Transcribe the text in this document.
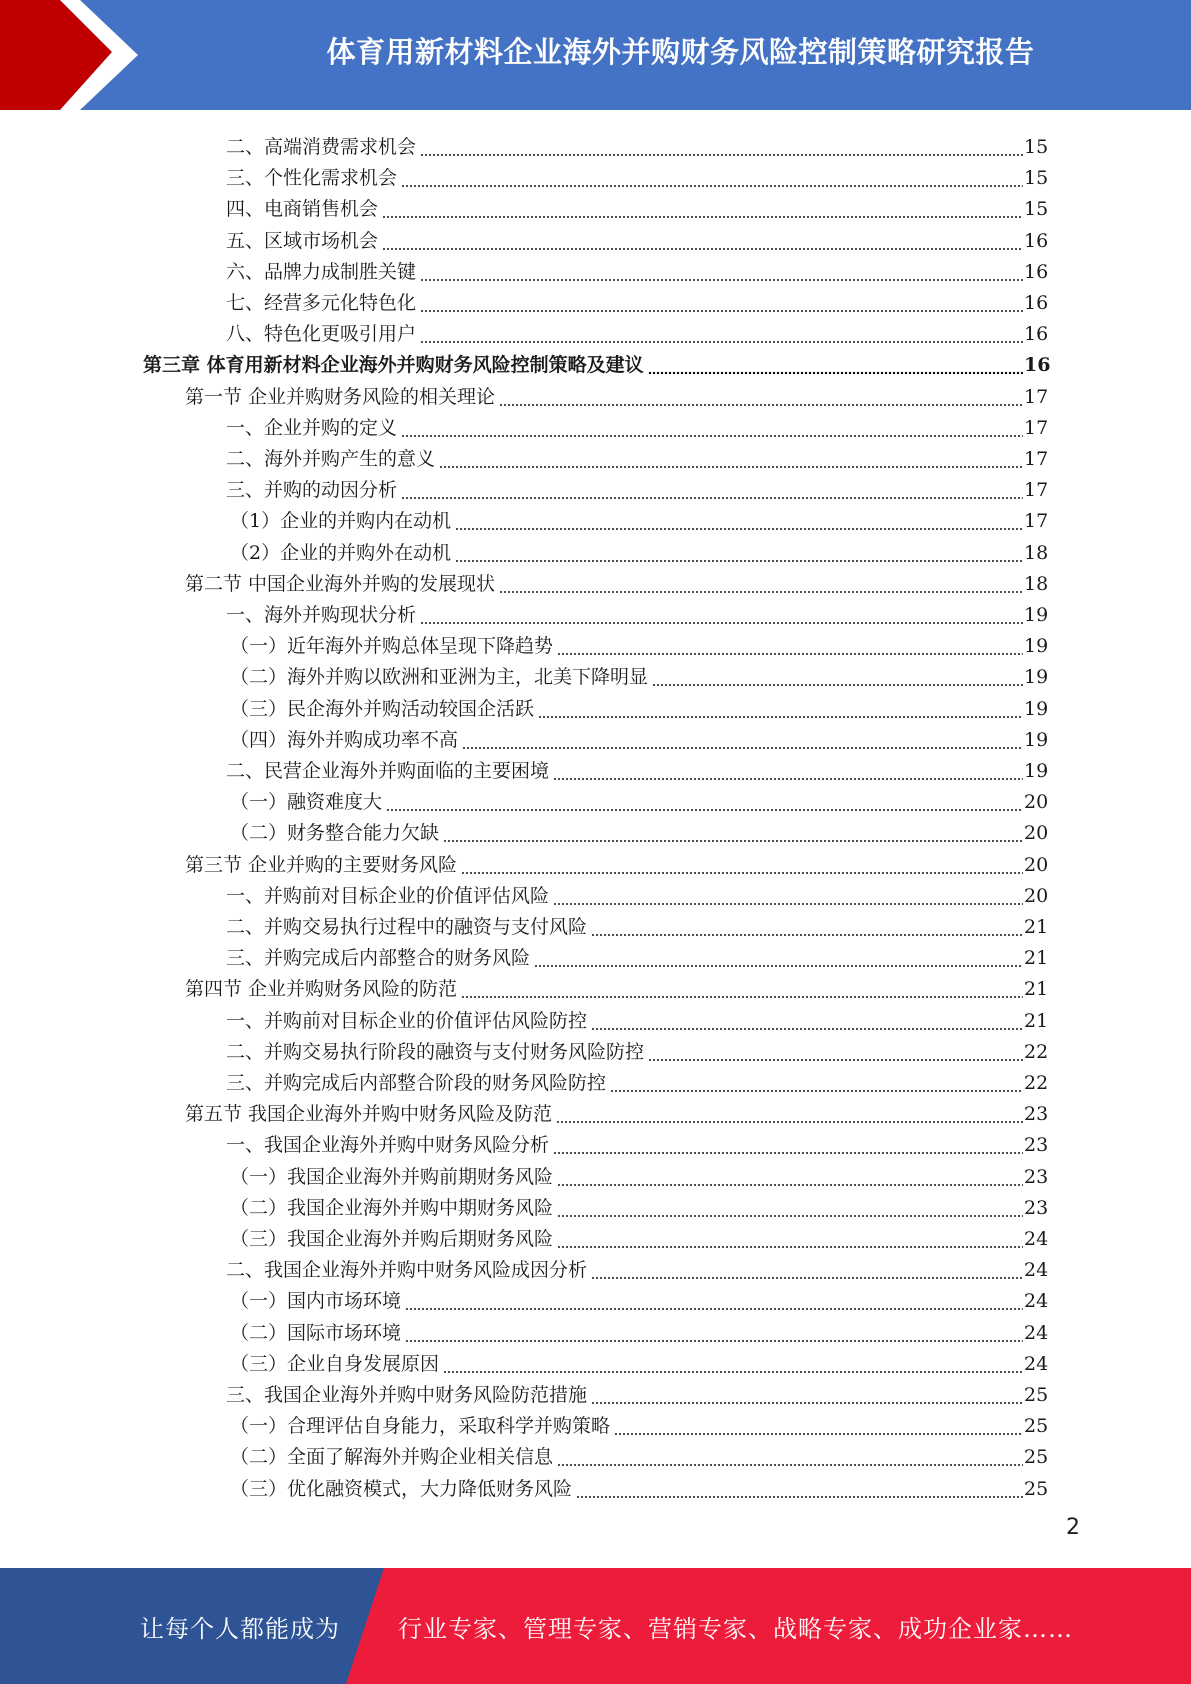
体育用新材料企业海外并购财务风险控制策略研究报告
二、高端消费需求机会	15
三、个性化需求机会	15
四、电商销售机会	15
五、区域市场机会	16
六、品牌力成制胜关键	16
七、经营多元化特色化	16
八、特色化更吸引用户	16
第三章 体育用新材料企业海外并购财务风险控制策略及建议	16
第一节 企业并购财务风险的相关理论	17
一、企业并购的定义	17
二、海外并购产生的意义	17
三、并购的动因分析	17
（1）企业的并购内在动机	17
（2）企业的并购外在动机	18
第二节 中国企业海外并购的发展现状	18
一、海外并购现状分析	19
（一）近年海外并购总体呈现下降趋势	19
（二）海外并购以欧洲和亚洲为主，北美下降明显	19
（三）民企海外并购活动较国企活跃	19
（四）海外并购成功率不高	19
二、民营企业海外并购面临的主要困境	19
（一）融资难度大	20
（二）财务整合能力欠缺	20
第三节 企业并购的主要财务风险	20
一、并购前对目标企业的价值评估风险	20
二、并购交易执行过程中的融资与支付风险	21
三、并购完成后内部整合的财务风险	21
第四节 企业并购财务风险的防范	21
一、并购前对目标企业的价值评估风险防控	21
二、并购交易执行阶段的融资与支付财务风险防控	22
三、并购完成后内部整合阶段的财务风险防控	22
第五节 我国企业海外并购中财务风险及防范	23
一、我国企业海外并购中财务风险分析	23
（一）我国企业海外并购前期财务风险	23
（二）我国企业海外并购中期财务风险	23
（三）我国企业海外并购后期财务风险	24
二、我国企业海外并购中财务风险成因分析	24
（一）国内市场环境	24
（二）国际市场环境	24
（三）企业自身发展原因	24
三、我国企业海外并购中财务风险防范措施	25
（一）合理评估自身能力，采取科学并购策略	25
（二）全面了解海外并购企业相关信息	25
（三）优化融资模式，大力降低财务风险	25
2
让每个人都能成为 行业专家、管理专家、营销专家、战略专家、成功企业家……
